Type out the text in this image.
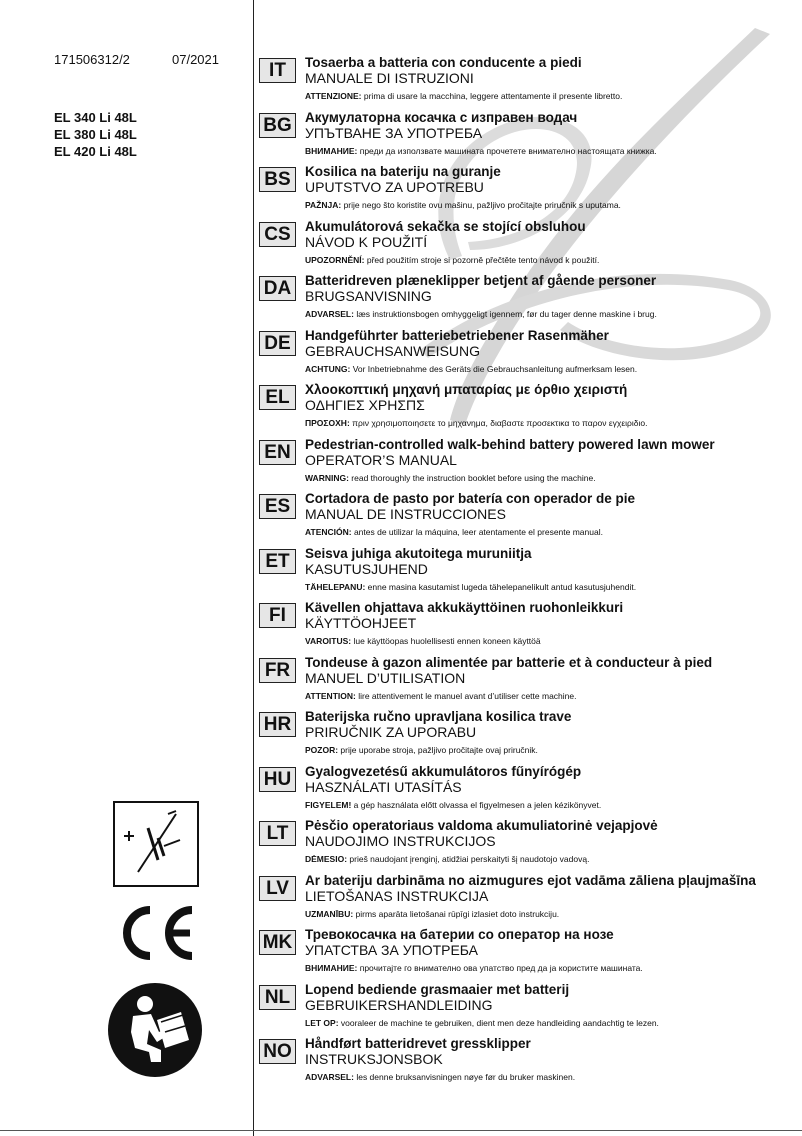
171506312/2	07/2021
EL 340 Li 48L
EL 380 Li 48L
EL 420 Li 48L
IT	Tosaerba a batteria con conducente a piedi
MANUALE DI ISTRUZIONI
ATTENZIONE: prima di usare la macchina, leggere attentamente il presente libretto.
BG Акумулаторна косачка с изправен водач
УПЪТВАНЕ ЗА УПОТРЕБА
ВНИМАНИЕ: преди да използвате машината прочетете внимателно настоящата книжка.
BS	Kosilica na bateriju na guranje
UPUTSTVO ZA UPOTREBU
PAŽNJA: prije nego što koristite ovu mašinu, pažljivo pročitajte priručnik s uputama.
CS	Akumulátorová sekačka se stojící obsluhou
NÁVOD K POUŽITÍ
UPOZORNĚNÍ: před použitím stroje si pozorně přečtěte tento návod k použití.
DA	Batteridreven plæneklipper betjent af gående personer
BRUGSANVISNING
ADVARSEL: læs instruktionsbogen omhyggeligt igennem, før du tager denne maskine i brug.
DE	Handgeführter batteriebetriebener Rasenmäher
GEBRAUCHSANWEISUNG
ACHTUNG: Vor Inbetriebnahme des Geräts die Gebrauchsanleitung aufmerksam lesen.
EL	Χλοοκοπτική μηχανή μπαταρίας με όρθιο χειριστή
ΟΔΗΓΙΕΣ ΧΡΗΣΠΣ
ΠΡΟΣΟΧΗ: πριν χρησιμοποιησετε το μηχανημα, διαβαστε προσεκτικα το παρον εγχειριδιο.
EN	Pedestrian-controlled walk-behind battery powered lawn mower
OPERATOR’S MANUAL
WARNING: read thoroughly the instruction booklet before using the machine.
ES	Cortadora de pasto por batería con operador de pie
MANUAL DE INSTRUCCIONES
ATENCIÓN: antes de utilizar la máquina, leer atentamente el presente manual.
ET	Seisva juhiga akutoitega muruniitja
KASUTUSJUHEND
TÄHELEPANU: enne masina kasutamist lugeda tähelepanelikult antud kasutusjuhendit.
FI	Kävellen ohjattava akkukäyttöinen ruohonleikkuri
KÄYTTÖOHJEET
VAROITUS: lue käyttöopas huolellisesti ennen koneen käyttöä
FR	Tondeuse à gazon alimentée par batterie et à conducteur à pied
MANUEL D’UTILISATION
ATTENTION: lire attentivement le manuel avant d’utiliser cette machine.
HR	Baterijska ručno upravljana kosilica trave
PRIRUČNIK ZA UPORABU
POZOR: prije uporabe stroja, pažljivo pročitajte ovaj priručnik.
HU	Gyalogvezetésű akkumulátoros fűnyírógép
HASZNÁLATI UTASÍTÁS
FIGYELEM! a gép használata előtt olvassa el figyelmesen a jelen kézikönyvet.
LT	Pėsčio operatoriaus valdoma akumuliatorinė vejapjovė
NAUDOJIMO INSTRUKCIJOS
DĖMESIO: prieš naudojant įrenginį, atidžiai perskaityti šį naudotojo vadovą.
LV	Ar bateriju darbināma no aizmugures ejot vadāma zāliena pļaujmašīna
LIETOŠANAS INSTRUKCIJA
UZMANĪBU: pirms aparāta lietošanai rūpīgi izlasiet doto instrukciju.
MK Тревокосачка на батерии со оператор на нозе
УПАТСТВА ЗА УПОТРЕБА
ВНИМАНИЕ: прочитајте го внимателно ова упатство пред да ја користите машината.
NL	Lopend bediende grasmaaier met batterij
GEBRUIKERSHANDLEIDING
LET OP: vooraleer de machine te gebruiken, dient men deze handleiding aandachtig te lezen.
NO Håndført batteridrevet gressklipper
INSTRUKSJONSBOK
ADVARSEL: les denne bruksanvisningen nøye før du bruker maskinen.
